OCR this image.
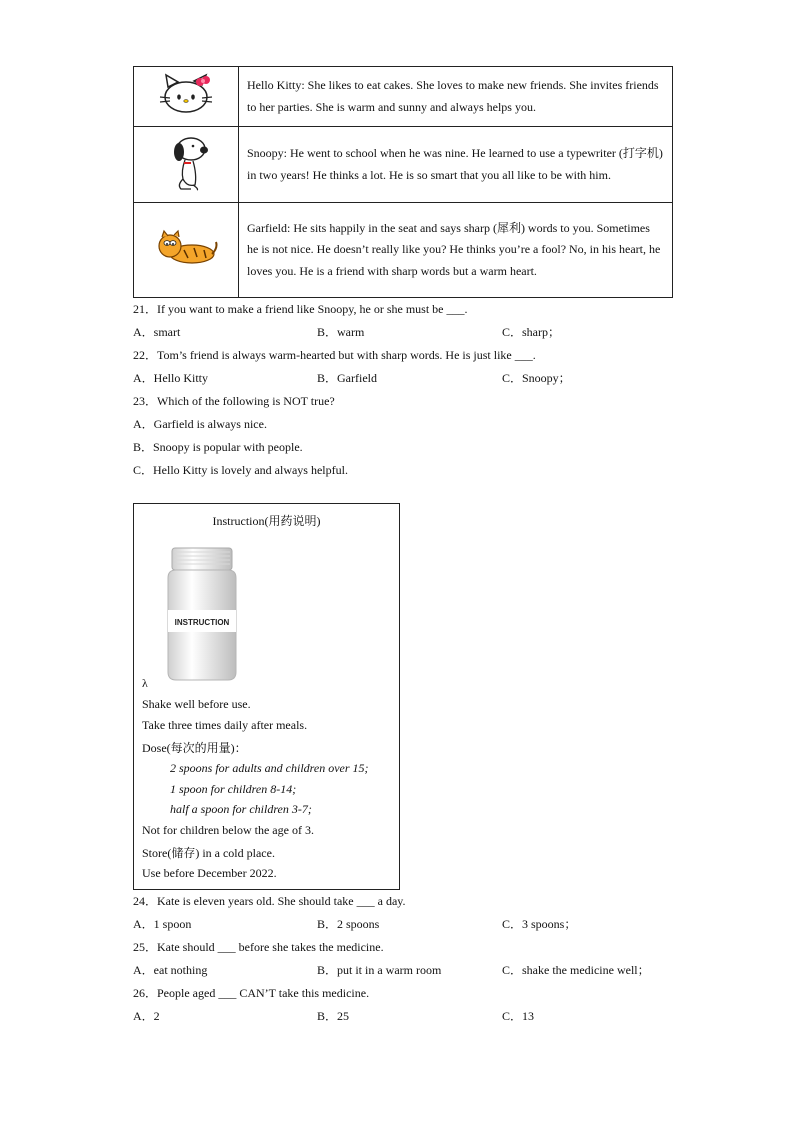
	Hello Kitty: She likes to eat cakes. She loves to make new friends. She invites friends to her parties. She is warm and sunny and always helps you.
	Snoopy: He went to school when he was nine. He learned to use a typewriter (打字机) in two years! He thinks a lot. He is so smart that you all like to be with him.
	Garfield: He sits happily in the seat and says sharp (犀利) words to you. Sometimes he is not nice. He doesn’t really like you? He thinks you’re a fool? No, in his heart, he loves you. He is a friend with sharp words but a warm heart.
21．If you want to make a friend like Snoopy, he or she must be ___.
A．smart	B．warm	C．sharp；
22．Tom’s friend is always warm-hearted but with sharp words. He is just like ___.
A．Hello Kitty	B．Garfield	C．Snoopy；
23．Which of the following is NOT true?
A．Garfield is always nice.
B．Snoopy is popular with people.
C．Hello Kitty is lovely and always helpful.
Instruction(用药说明)
INSTRUCTION
λ
Shake well before use.
Take three times daily after meals.
Dose(每次的用量)：
2 spoons for adults and children over 15;
1 spoon for children 8-14;
half a spoon for children 3-7;
Not for children below the age of 3.
Store(储存) in a cold place.
Use before December 2022.
24．Kate is eleven years old. She should take ___ a day.
A．1 spoon	B．2 spoons	C．3 spoons；
25．Kate should ___ before she takes the medicine.
A．eat nothing	B．put it in a warm room	C．shake the medicine well；
26．People aged ___ CAN’T take this medicine.
A．2	B．25	C．13
